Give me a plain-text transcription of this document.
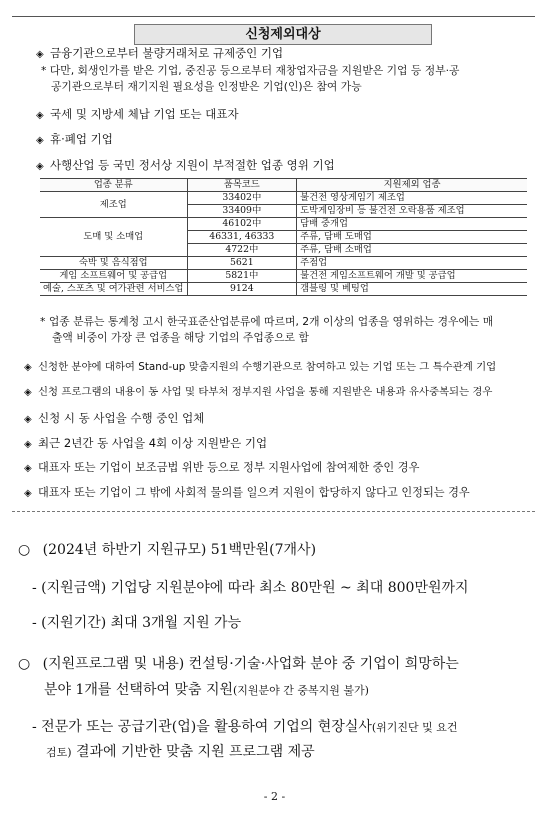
신청제외대상
◈ 금융기관으로부터 불량거래처로 규제중인 기업
* 다만, 회생인가를 받은 기업, 중진공 등으로부터 재창업자금을 지원받은 기업 등 정부·공
공기관으로부터 재기지원 필요성을 인정받은 기업(인)은 참여 가능
◈ 국세 및 지방세 체납 기업 또는 대표자
◈ 휴·폐업 기업
◈ 사행산업 등 국민 정서상 지원이 부적절한 업종 영위 기업
업종 분류	품목코드	지원제외 업종
제조업	33402中	불건전 영상게임기 제조업
	33409中	도박게임장비 등 불건전 오락용품 제조업
도매 및 소매업	46102中	담배 중개업
	46331, 46333	주류, 담배 도매업
	4722中	주류, 담배 소매업
숙박 및 음식점업	5621	주점업
게임 소프트웨어 및 공급업	5821中	불건전 게임소프트웨어 개발 및 공급업
예술, 스포츠 및 여가관련 서비스업	9124	갬블링 및 베팅업
* 업종 분류는 통계청 고시 한국표준산업분류에 따르며, 2개 이상의 업종을 영위하는 경우에는 매
출액 비중이 가장 큰 업종을 해당 기업의 주업종으로 함
◈ 신청한 분야에 대하여 Stand-up 맞춤지원의 수행기관으로 참여하고 있는 기업 또는 그 특수관계 기업
◈ 신청 프로그램의 내용이 동 사업 및 타부처 정부지원 사업을 통해 지원받은 내용과 유사중복되는 경우
◈ 신청 시 동 사업을 수행 중인 업체
◈ 최근 2년간 동 사업을 4회 이상 지원받은 기업
◈ 대표자 또는 기업이 보조금법 위반 등으로 정부 지원사업에 참여제한 중인 경우
◈ 대표자 또는 기업이 그 밖에 사회적 물의를 일으켜 지원이 합당하지 않다고 인정되는 경우
○ (2024년 하반기 지원규모) 51백만원(7개사)
- (지원금액) 기업당 지원분야에 따라 최소 80만원 ~ 최대 800만원까지
- (지원기간) 최대 3개월 지원 가능
○ (지원프로그램 및 내용) 컨설팅·기술·사업화 분야 중 기업이 희망하는
분야 1개를 선택하여 맞춤 지원(지원분야 간 중복지원 불가)
- 전문가 또는 공급기관(업)을 활용하여 기업의 현장실사(위기진단 및 요건
검토) 결과에 기반한 맞춤 지원 프로그램 제공
- 2 -
